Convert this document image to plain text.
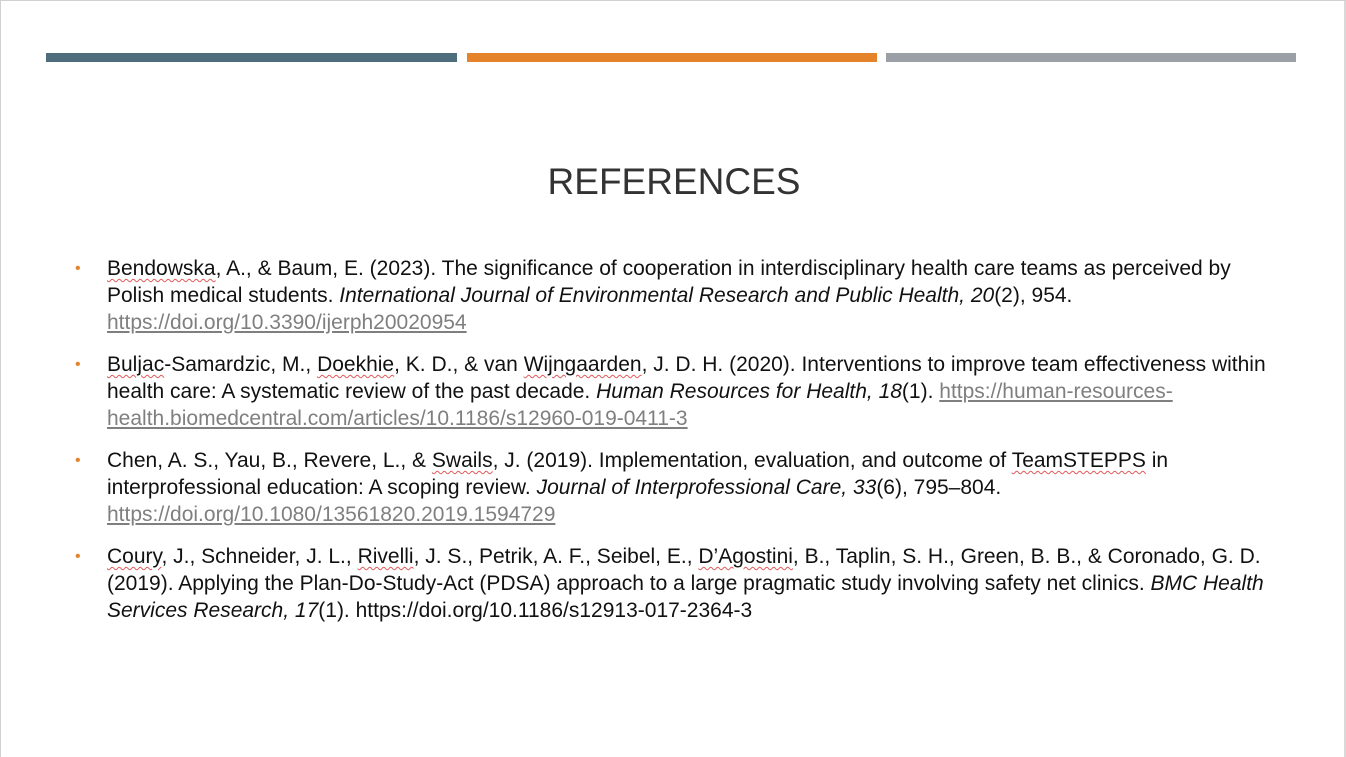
REFERENCES
• Bendowska, A., & Baum, E. (2023). The significance of cooperation in interdisciplinary health care teams as perceived by Polish medical students. International Journal of Environmental Research and Public Health, 20(2), 954. https://doi.org/10.3390/ijerph20020954
• Buljac-Samardzic, M., Doekhie, K. D., & van Wijngaarden, J. D. H. (2020). Interventions to improve team effectiveness within health care: A systematic review of the past decade. Human Resources for Health, 18(1). https://human-resources-health.biomedcentral.com/articles/10.1186/s12960-019-0411-3
• Chen, A. S., Yau, B., Revere, L., & Swails, J. (2019). Implementation, evaluation, and outcome of TeamSTEPPS in interprofessional education: A scoping review. Journal of Interprofessional Care, 33(6), 795–804. https://doi.org/10.1080/13561820.2019.1594729
• Coury, J., Schneider, J. L., Rivelli, J. S., Petrik, A. F., Seibel, E., D’Agostini, B., Taplin, S. H., Green, B. B., & Coronado, G. D. (2019). Applying the Plan-Do-Study-Act (PDSA) approach to a large pragmatic study involving safety net clinics. BMC Health Services Research, 17(1). https://doi.org/10.1186/s12913-017-2364-3
